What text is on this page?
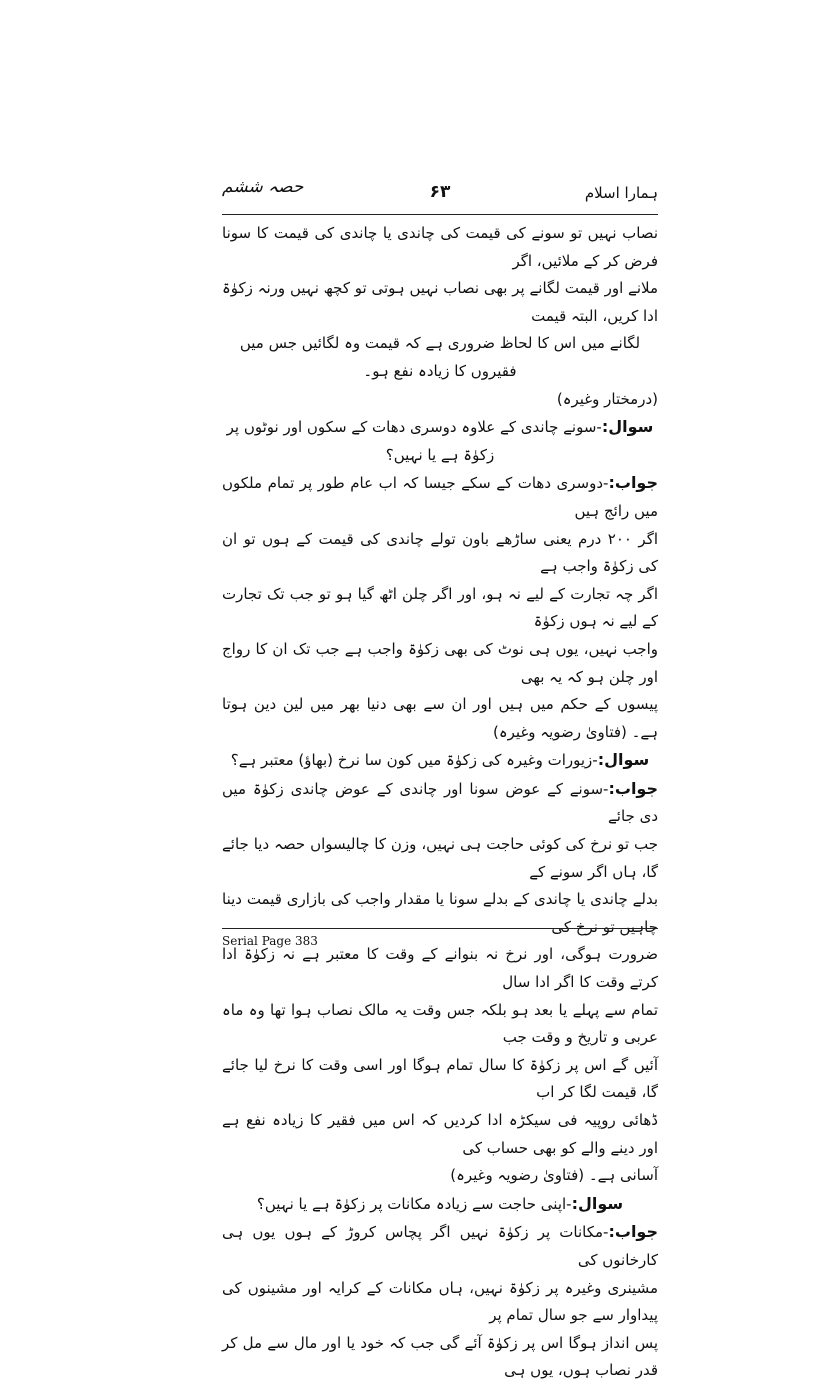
حصہ ششم	۶۳	ہمارا اسلام

نصاب نہیں تو سونے کی قیمت کی چاندی یا چاندی کی قیمت کا سونا فرض کر کے ملائیں، اگر
ملانے اور قیمت لگانے پر بھی نصاب نہیں ہوتی تو کچھ نہیں ورنہ زکوٰۃ ادا کریں، البتہ قیمت
لگانے میں اس کا لحاظ ضروری ہے کہ قیمت وہ لگائیں جس میں فقیروں کا زیادہ نفع ہو۔
(درمختار وغیرہ)

سوال:-سونے چاندی کے علاوہ دوسری دھات کے سکوں اور نوٹوں پر زکوٰۃ ہے یا نہیں؟

جواب:-دوسری دھات کے سکے جیسا کہ اب عام طور پر تمام ملکوں میں رائج ہیں
اگر ۲۰۰ درم یعنی ساڑھے باون تولے چاندی کی قیمت کے ہوں تو ان کی زکوٰۃ واجب ہے
اگر چہ تجارت کے لیے نہ ہو، اور اگر چلن اٹھ گیا ہو تو جب تک تجارت کے لیے نہ ہوں زکوٰۃ
واجب نہیں، یوں ہی نوٹ کی بھی زکوٰۃ واجب ہے جب تک ان کا رواج اور چلن ہو کہ یہ بھی
پیسوں کے حکم میں ہیں اور ان سے بھی دنیا بھر میں لین دین ہوتا ہے۔ (فتاویٰ رضویہ وغیرہ)

سوال:-زیورات وغیرہ کی زکوٰۃ میں کون سا نرخ (بھاؤ) معتبر ہے؟

جواب:-سونے کے عوض سونا اور چاندی کے عوض چاندی زکوٰۃ میں دی جائے
جب تو نرخ کی کوئی حاجت ہی نہیں، وزن کا چالیسواں حصہ دیا جائے گا، ہاں اگر سونے کے
بدلے چاندی یا چاندی کے بدلے سونا یا مقدار واجب کی بازاری قیمت دینا چاہیں تو نرخ کی
ضرورت ہوگی، اور نرخ نہ بنوانے کے وقت کا معتبر ہے نہ زکوٰۃ ادا کرتے وقت کا اگر ادا سال
تمام سے پہلے یا بعد ہو بلکہ جس وقت یہ مالک نصاب ہوا تھا وہ ماہ عربی و تاریخ و وقت جب
آئیں گے اس پر زکوٰۃ کا سال تمام ہوگا اور اسی وقت کا نرخ لیا جائے گا، قیمت لگا کر اب
ڈھائی روپیہ فی سیکڑہ ادا کردیں کہ اس میں فقیر کا زیادہ نفع ہے اور دینے والے کو بھی حساب کی
آسانی ہے۔ (فتاویٰ رضویہ وغیرہ)

سوال:-اپنی حاجت سے زیادہ مکانات پر زکوٰۃ ہے یا نہیں؟

جواب:-مکانات پر زکوٰۃ نہیں اگر پچاس کروڑ کے ہوں یوں ہی کارخانوں کی
مشینری وغیرہ پر زکوٰۃ نہیں، ہاں مکانات کے کرایہ اور مشینوں کی پیداوار سے جو سال تمام پر
پس انداز ہوگا اس پر زکوٰۃ آئے گی جب کہ خود یا اور مال سے مل کر قدر نصاب ہوں، یوں ہی

Serial Page 383
